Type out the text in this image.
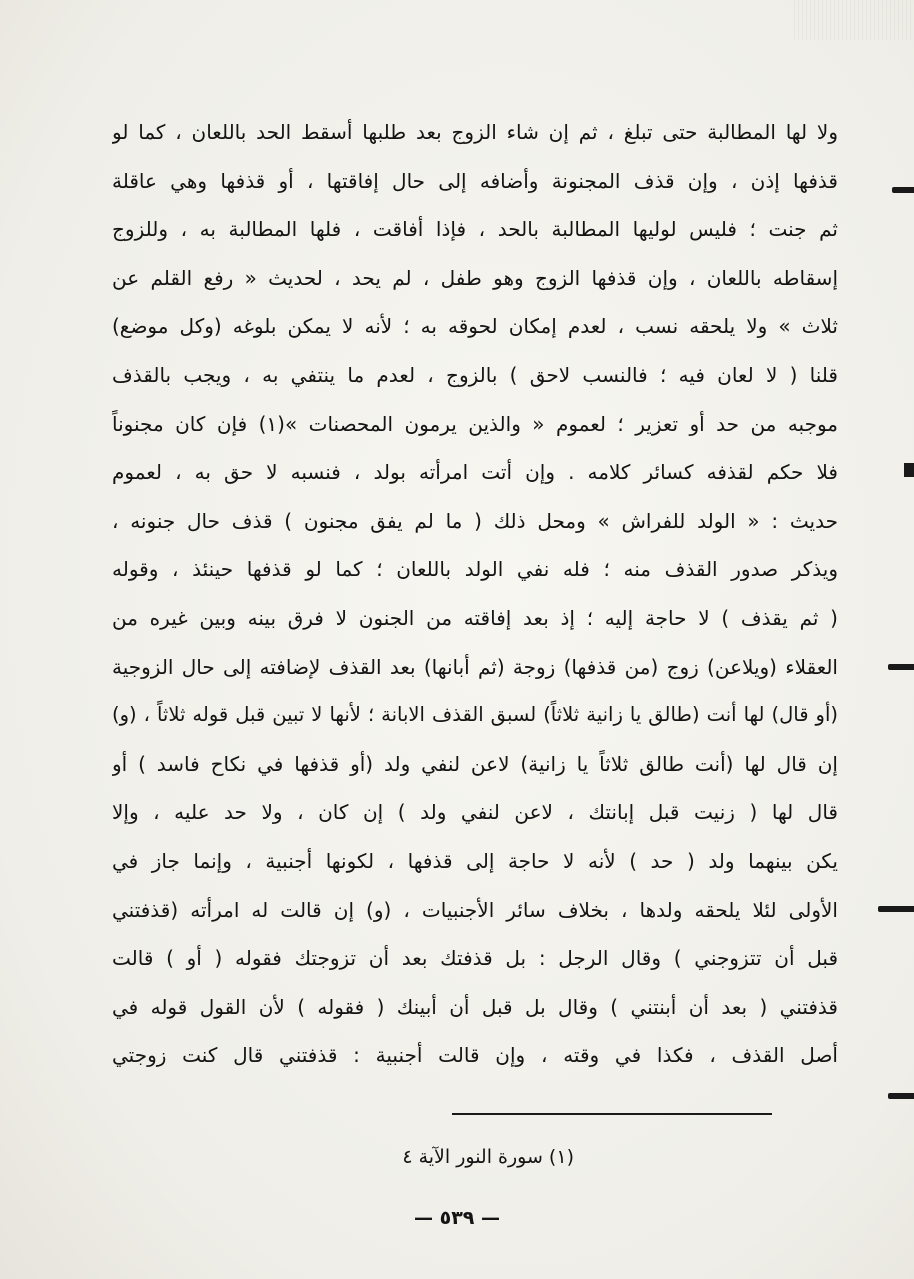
ولا لها المطالبة حتى تبلغ ، ثم إن شاء الزوج بعد طلبها أسقط الحد باللعان ، كما لو
قذفها إذن ، وإن قذف المجنونة وأضافه إلى حال إفاقتها ، أو قذفها وهي عاقلة
ثم جنت ؛ فليس لوليها المطالبة بالحد ، فإذا أفاقت ، فلها المطالبة به ، وللزوج
إسقاطه باللعان ، وإن قذفها الزوج وهو طفل ، لم يحد ، لحديث « رفع القلم عن
ثلاث » ولا يلحقه نسب ، لعدم إمكان لحوقه به ؛ لأنه لا يمكن بلوغه (وكل موضع)
قلنا ( لا لعان فيه ؛ فالنسب لاحق ) بالزوج ، لعدم ما ينتفي به ، ويجب بالقذف
موجبه من حد أو تعزير ؛ لعموم « والذين يرمون المحصنات »(١) فإن كان مجنوناً
فلا حكم لقذفه كسائر كلامه . وإن أتت امرأته بولد ، فنسبه لا حق به ، لعموم
حديث : « الولد للفراش » ومحل ذلك ( ما لم يفق مجنون ) قذف حال جنونه ،
ويذكر صدور القذف منه ؛ فله نفي الولد باللعان ؛ كما لو قذفها حينئذ ، وقوله
( ثم يقذف ) لا حاجة إليه ؛ إذ بعد إفاقته من الجنون لا فرق بينه وبين غيره من
العقلاء (ويلاعن) زوج (من قذفها) زوجة (ثم أبانها) بعد القذف لإضافته إلى حال الزوجية
(أو قال) لها أنت (طالق يا زانية ثلاثاً) لسبق القذف الابانة ؛ لأنها لا تبين قبل قوله ثلاثاً ، (و)
إن قال لها (أنت طالق ثلاثاً يا زانية) لاعن لنفي ولد (أو قذفها في نكاح فاسد ) أو
قال لها ( زنيت قبل إبانتك ، لاعن لنفي ولد ) إن كان ، ولا حد عليه ، وإلا
يكن بينهما ولد ( حد ) لأنه لا حاجة إلى قذفها ، لكونها أجنبية ، وإنما جاز في
الأولى لئلا يلحقه ولدها ، بخلاف سائر الأجنبيات ، (و) إن قالت له امرأته (قذفتني
قبل أن تتزوجني ) وقال الرجل : بل قذفتك بعد أن تزوجتك فقوله ( أو ) قالت
قذفتني ( بعد أن أبنتني ) وقال بل قبل أن أبينك ( فقوله ) لأن القول قوله في
أصل القذف ، فكذا في وقته ، وإن قالت أجنبية : قذفتني قال كنت زوجتي
(١) سورة النور الآية ٤
— ٥٣٩ —
